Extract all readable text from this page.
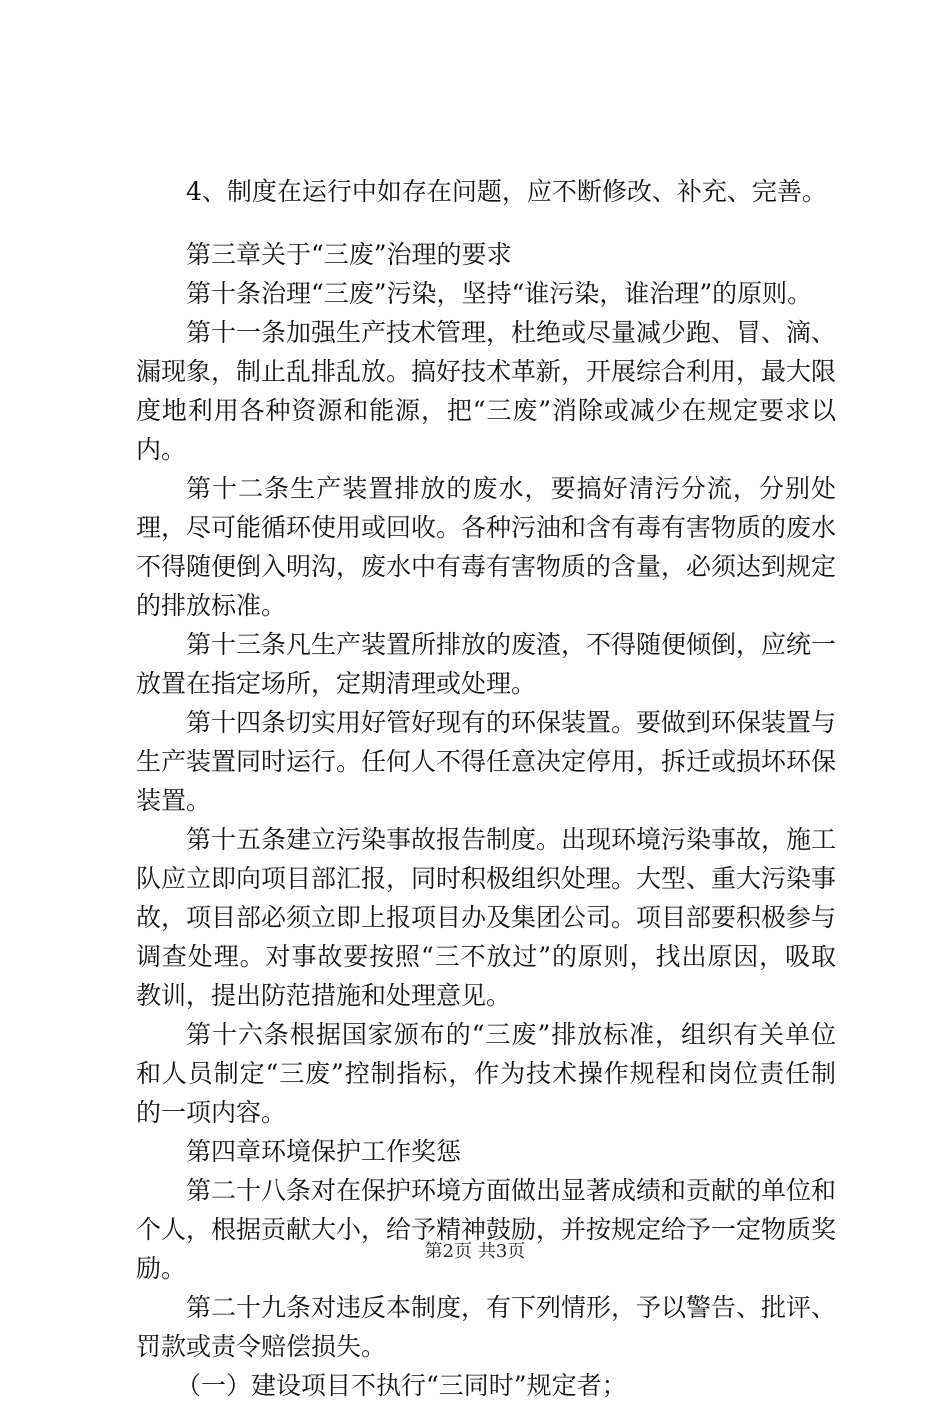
4、制度在运行中如存在问题，应不断修改、补充、完善。

第三章关于“三废”治理的要求

第十条治理“三废”污染，坚持“谁污染，谁治理”的原则。

第十一条加强生产技术管理，杜绝或尽量减少跑、冒、滴、漏现象，制止乱排乱放。搞好技术革新，开展综合利用，最大限度地利用各种资源和能源，把“三废”消除或减少在规定要求以内。

第十二条生产装置排放的废水，要搞好清污分流，分别处理，尽可能循环使用或回收。各种污油和含有毒有害物质的废水不得随便倒入明沟，废水中有毒有害物质的含量，必须达到规定的排放标准。

第十三条凡生产装置所排放的废渣，不得随便倾倒，应统一放置在指定场所，定期清理或处理。

第十四条切实用好管好现有的环保装置。要做到环保装置与生产装置同时运行。任何人不得任意决定停用，拆迁或损坏环保装置。

第十五条建立污染事故报告制度。出现环境污染事故，施工队应立即向项目部汇报，同时积极组织处理。大型、重大污染事故，项目部必须立即上报项目办及集团公司。项目部要积极参与调查处理。对事故要按照“三不放过”的原则，找出原因，吸取教训，提出防范措施和处理意见。

第十六条根据国家颁布的“三废”排放标准，组织有关单位和人员制定“三废”控制指标，作为技术操作规程和岗位责任制的一项内容。

第四章环境保护工作奖惩

第二十八条对在保护环境方面做出显著成绩和贡献的单位和个人，根据贡献大小，给予精神鼓励，并按规定给予一定物质奖励。

第二十九条对违反本制度，有下列情形，予以警告、批评、罚款或责令赔偿损失。

（一）建设项目不执行“三同时”规定者；

第2页 共3页
